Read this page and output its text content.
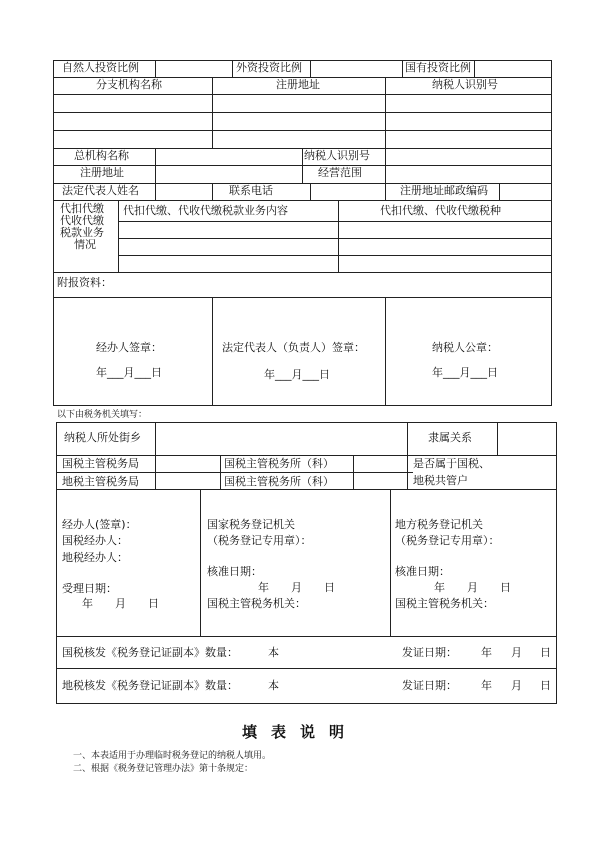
自然人投资比例	外资投资比例	国有投资比例
分支机构名称	注册地址	纳税人识别号
总机构名称	纳税人识别号
注册地址	经营范围
法定代表人姓名	联系电话	注册地址邮政编码
代扣代缴
代收代缴
税款业务
情况
代扣代缴、代收代缴税款业务内容	代扣代缴、代收代缴税种
附报资料：
经办人签章：
年___月___日
法定代表人（负责人）签章：
年___月___日
纳税人公章：
年___月___日
以下由税务机关填写：
纳税人所处街乡	隶属关系
国税主管税务局	国税主管税务所（科）	是否属于国税、
地税主管税务局	国税主管税务所（科）	地税共管户
经办人(签章)：
国税经办人：
地税经办人：
受理日期：
年　　月　　日
国家税务登记机关
（税务登记专用章）：
核准日期：
年　　月　　日
国税主管税务机关：
地方税务登记机关
（税务登记专用章）：
核准日期：
年　　月　　日
国税主管税务机关：
国税核发《税务登记证副本》数量：	本	发证日期： 年 月 日
地税核发《税务登记证副本》数量：	本	发证日期： 年 月 日
填表说明
一、本表适用于办理临时税务登记的纳税人填用。
二、根据《税务登记管理办法》第十条规定：
